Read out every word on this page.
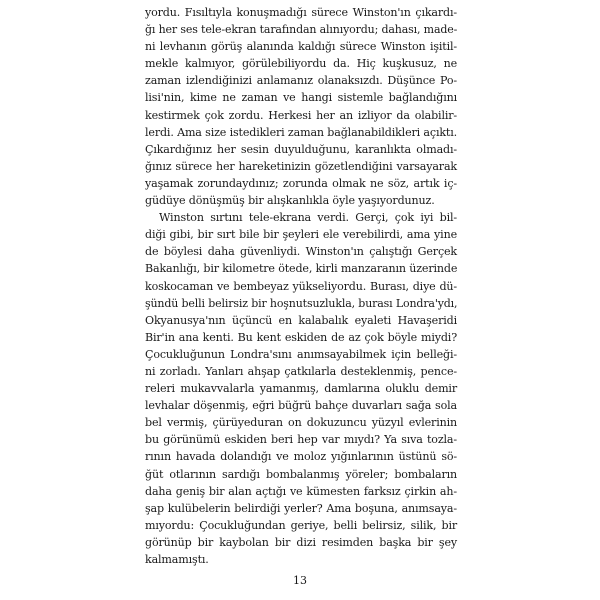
yordu. Fısıltıyla konuşmadığı sürece Winston'ın çıkardı-
ğı her ses tele-ekran tarafından alınıyordu; dahası, made-
ni levhanın görüş alanında kaldığı sürece Winston işitil-
mekle kalmıyor, görülebiliyordu da. Hiç kuşkusuz, ne
zaman izlendiğinizi anlamanız olanaksızdı. Düşünce Po-
lisi'nin, kime ne zaman ve hangi sistemle bağlandığını
kestirmek çok zordu. Herkesi her an izliyor da olabilir-
lerdi. Ama size istedikleri zaman bağlanabildikleri açıktı.
Çıkardığınız her sesin duyulduğunu, karanlıkta olmadı-
ğınız sürece her hareketinizin gözetlendiğini varsayarak
yaşamak zorundaydınız; zorunda olmak ne söz, artık iç-
güdüye dönüşmüş bir alışkanlıkla öyle yaşıyordunuz.
Winston sırtını tele-ekrana verdi. Gerçi, çok iyi bil-
diği gibi, bir sırt bile bir şeyleri ele verebilirdi, ama yine
de böylesi daha güvenliydi. Winston'ın çalıştığı Gerçek
Bakanlığı, bir kilometre ötede, kirli manzaranın üzerinde
koskocaman ve bembeyaz yükseliyordu. Burası, diye dü-
şündü belli belirsiz bir hoşnutsuzlukla, burası Londra'ydı,
Okyanusya'nın üçüncü en kalabalık eyaleti Havaşeridi
Bir'in ana kenti. Bu kent eskiden de az çok böyle miydi?
Çocukluğunun Londra'sını anımsayabilmek için belleği-
ni zorladı. Yanları ahşap çatkılarla desteklenmiş, pence-
releri mukavvalarla yamanmış, damlarına oluklu demir
levhalar döşenmiş, eğri büğrü bahçe duvarları sağa sola
bel vermiş, çürüyeduran on dokuzuncu yüzyıl evlerinin
bu görünümü eskiden beri hep var mıydı? Ya sıva tozla-
rının havada dolandığı ve moloz yığınlarının üstünü sö-
ğüt otlarının sardığı bombalanmış yöreler; bombaların
daha geniş bir alan açtığı ve kümesten farksız çirkin ah-
şap kulübelerin belirdiği yerler? Ama boşuna, anımsaya-
mıyordu: Çocukluğundan geriye, belli belirsiz, silik, bir
görünüp bir kaybolan bir dizi resimden başka bir şey
kalmamıştı.
13
